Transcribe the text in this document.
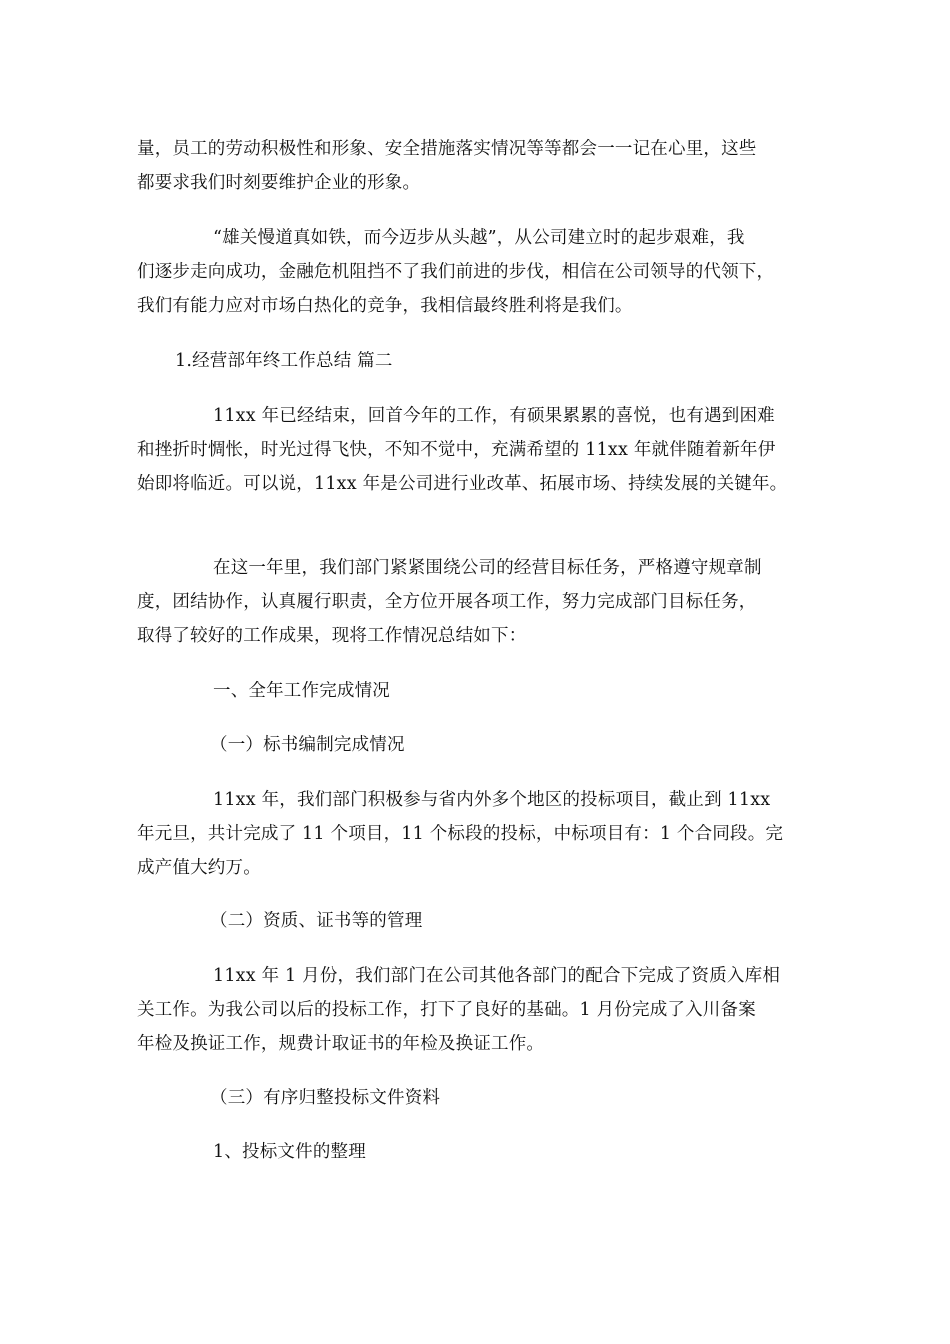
量，员工的劳动积极性和形象、安全措施落实情况等等都会一一记在心里，这些
都要求我们时刻要维护企业的形象。
“雄关慢道真如铁，而今迈步从头越”，从公司建立时的起步艰难，我
们逐步走向成功，金融危机阻挡不了我们前进的步伐，相信在公司领导的代领下，
我们有能力应对市场白热化的竞争，我相信最终胜利将是我们。
1.经营部年终工作总结 篇二
11xx 年已经结束，回首今年的工作，有硕果累累的喜悦，也有遇到困难
和挫折时惆怅，时光过得飞快，不知不觉中，充满希望的 11xx 年就伴随着新年伊
始即将临近。可以说，11xx 年是公司进行业改革、拓展市场、持续发展的关键年。
在这一年里，我们部门紧紧围绕公司的经营目标任务，严格遵守规章制
度，团结协作，认真履行职责，全方位开展各项工作，努力完成部门目标任务，
取得了较好的工作成果，现将工作情况总结如下：
一、全年工作完成情况
（一）标书编制完成情况
11xx 年，我们部门积极参与省内外多个地区的投标项目，截止到 11xx
年元旦，共计完成了 11 个项目，11 个标段的投标，中标项目有：1 个合同段。完
成产值大约万。
（二）资质、证书等的管理
11xx 年 1 月份，我们部门在公司其他各部门的配合下完成了资质入库相
关工作。为我公司以后的投标工作，打下了良好的基础。1 月份完成了入川备案
年检及换证工作，规费计取证书的年检及换证工作。
（三）有序归整投标文件资料
1、投标文件的整理
